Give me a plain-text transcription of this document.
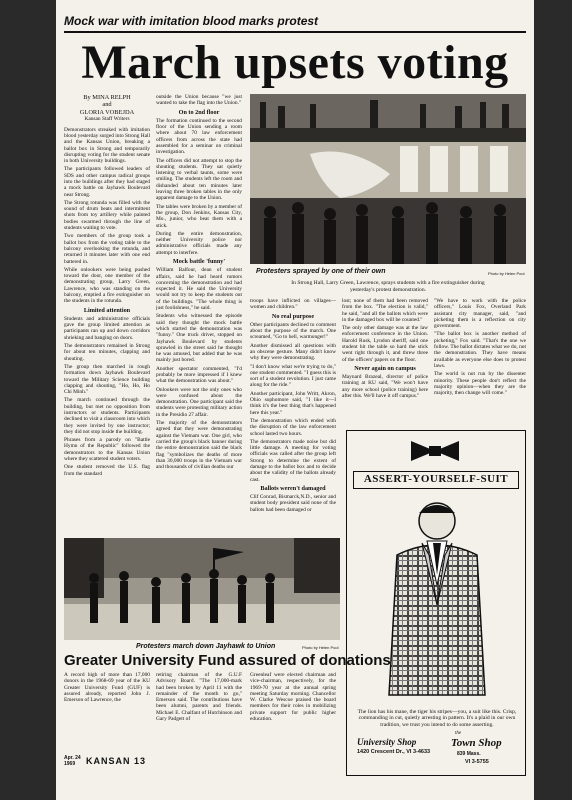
Mock war with imitation blood marks protest
March upsets voting
By MINA RELPH
and
GLORIA VOBEJDA
Kansan Staff Writers

Demonstrators streaked with imitation blood yesterday surged into Strong Hall and the Kansas Union, breaking a ballot box in Strong and temporarily disrupting voting for the student senate in both University buildings.

The participants followed leaders of SDS and other campus radical groups into the buildings after they had staged a mock battle on Jayhawk Boulevard near Strong.

The Strong rotunda was filled with the sound of drum beats and intermittent shots from toy artillery while painted bodies swarmed through the line of students waiting to vote.

Two members of the group took a ballot box from the voting table to the balcony overlooking the rotunda, and returned it minutes later with one end battered in.

While onlookers were being pushed toward the door, one member of the demonstrating group, Larry Green, Lawrence, who was standing on the balcony, emptied a fire extinguisher on the students in the rotunda.

Limited attention

Students and administrative officials gave the group limited attention as participants ran up and down corridors shrieking and banging on doors.

The demonstrators remained in Strong for about ten minutes, clapping and shouting.

The group then marched in rough formation down Jayhawk Boulevard toward the Military Science building clapping and shouting, "Ho, Ho, Ho Chi Minh."

The march continued through the building, but met no opposition from instructors or students. Participants declined to visit a classroom into which they were invited by one instructor; they did not stop inside the building.

Phrases from a parody on "Battle Hymn of the Republic" followed the demonstrators to the Kansas Union where they scattered student voters.

One student removed the U.S. flag from the standard

outside the Union because "we just wanted to take the flag into the Union."

On to 2nd floor

The formation continued to the second floor of the Union sending a room where about 70 law enforcement officers from across the state had assembled for a seminar on criminal investigation.

The officers did not attempt to stop the shouting students. They sat quietly listening to verbal taunts, some were smiling. The students left the room and disbanded about ten minutes later leaving three broken tables in the only apparent damage to the Union.

The tables were broken by a member of the group, Don Jenkins, Kansas City, Mo., junior, who beat them with a stick.

During the entire demonstration, neither University police nor administrative officials made any attempt to interfere.

Mock battle 'funny'

William Balfour, dean of student affairs, said he had heard rumors concerning the demonstration and had expected it. He said the University would not try to keep the students out of the buildings. "The whole thing is just foolishness," he said.

Students who witnessed the episode said they thought the mock battle which started the demonstration was "funny." One truck driver, stopped on Jayhawk Boulevard by students sprawled in the street said he thought he was amused, but added that he was mainly just bored.

Another spectator commented, "I'd probably be more impressed if I knew what the demonstration was about."

Onlookers were not the only ones who were confused about the demonstration. One participant said the students were protesting military action in the Presidio 27 affair.

The majority of the demonstrators agreed that they were demonstrating against the Vietnam war. One girl, who carried the group's black banner during the entire demonstration said the black flag "symbolizes the deaths of more than 30,000 troops in the Vietnam war and thousands of civilian deaths our

Protesters sprayed by one of their own	Photo by Helen Pool
In Strong Hall, Larry Green, Lawrence, sprays students with a fire extinguisher during
yesterday's protest demonstration.

troops have inflicted on villages—women and children."

No real purpose

Other participants declined to comment about the purpose of the march. One screamed, "Go to hell, warmonger!"

Another dismissed all questions with an obscene gesture. Many didn't know why they were demonstrating.

"I don't know what we're trying to do," one student commented. "I guess this is sort of a student revolution. I just came along for the ride."

Another participant, John Writt, Akron, Ohio sophomore said, "I like it—I think it's the best thing that's happened here this year."

The demonstration which ended with the disruption of the law enforcement school lasted two hours.

The demonstrators made noise but did little damage. A meeting for voting officials was called after the group left Strong to determine the extent of damage to the ballot box and to decide about the validity of the ballots already cast.

Ballots weren't damaged

Clif Conrad, Bismarck,N.D., senior and student body president said none of the ballots had been damaged or

lost; none of them had been removed from the box. "The election is valid," he said, "and all the ballots which were in the damaged box will be counted."

The only other damage was at the law enforcement conference in the Union. Harold Rusk, Lyndon sheriff, said one student hit the table so hard the stick went right through it, and threw three of the officers' papers on the floor.

Never again on campus

Maynard Brazeal, director of police training at KU said, "We won't have any more school (police training) here after this. We'll have it off campus."

"We have to work with the police officers," Louis Fox, Overland Park assistant city manager, said, "and picketing them is a reflection on city government.

"The ballot box is another method of picketing," Fox said. "That's the one we follow. The ballot dictates what we do, not the demonstration. They have means available as everyone else does to protest laws.

The world is not run by the dissenter minority. These people don't reflect the majority opinion—when they are the majority, then change will come."

ASSERT-YOURSELF-SUIT
The lion has his mane, the tiger his stripes—you, a suit like this. Crisp, commanding in cut, quietly arresting in pattern. It's a plaid in our own tradition, we trust you intend to do some asserting.
University Shop
1420 Crescent Dr., VI 3-4633
the
Town Shop
839 Mass.
VI 3-5755
Protesters march down Jayhawk to Union	Photo by Helen Pool
Greater University Fund assured of donations
A record high of more than 17,000 donors in the 1968-69 year of the KU Greater University Fund (GUF) is assured already, reported John J. Emerson of Lawrence, the
retiring chairman of the G.U.F Advisory Board. "The 17,000-mark had been broken by April 11 with the remainder of the month to go," Emerson said. The contributions have been alumni, parents and friends. Michael E. Chalfant of Hutchinson and Gary Padgett of
Greenleaf were elected chairman and vice-chairman, respectively, for the 1969-70 year at the annual spring meeting Saturday morning. Chancellor W. Clarke Wescoe praised the board members for their roles in mobilizing private support for public higher education.
Apr. 24
1969	KANSAN 13
